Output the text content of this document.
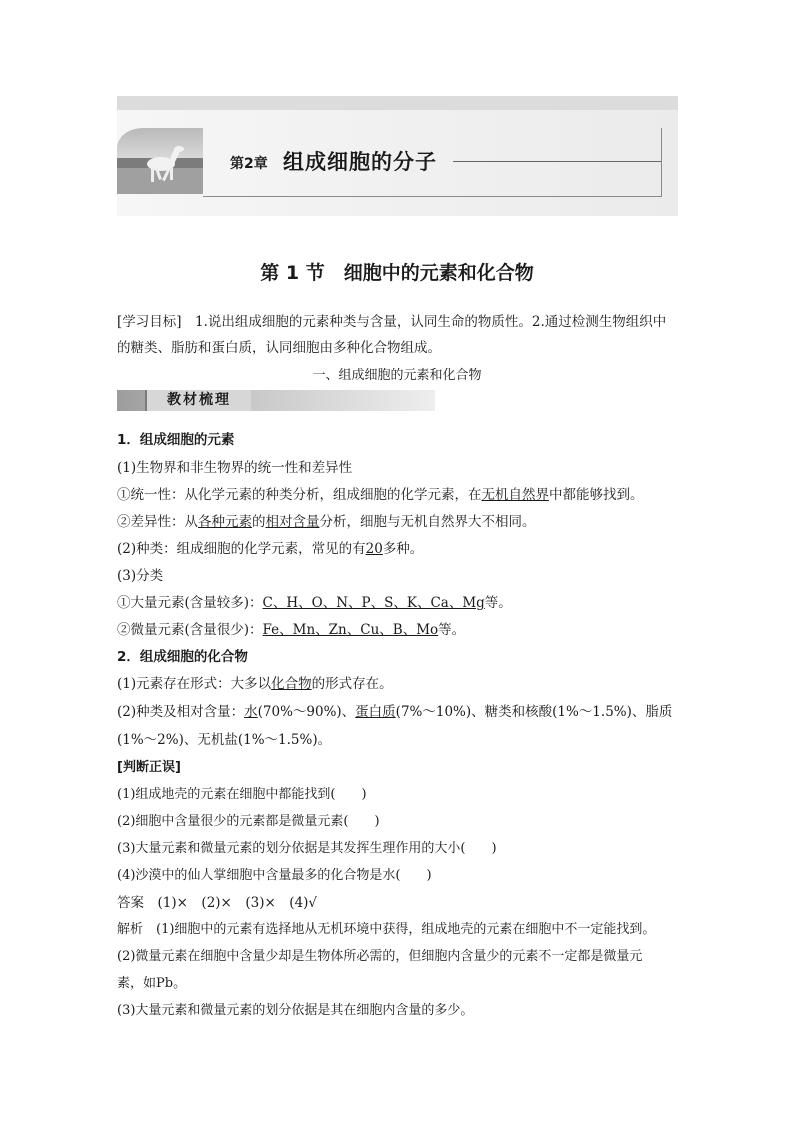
第2章 组成细胞的分子
第 1 节　细胞中的元素和化合物
[学习目标]　1.说出组成细胞的元素种类与含量，认同生命的物质性。2.通过检测生物组织中
的糖类、脂肪和蛋白质，认同细胞由多种化合物组成。
一、组成细胞的元素和化合物
教材梳理
1．组成细胞的元素
(1)生物界和非生物界的统一性和差异性
①统一性：从化学元素的种类分析，组成细胞的化学元素，在无机自然界中都能够找到。
②差异性：从各种元素的相对含量分析，细胞与无机自然界大不相同。
(2)种类：组成细胞的化学元素，常见的有20多种。
(3)分类
①大量元素(含量较多)：C、H、O、N、P、S、K、Ca、Mg等。
②微量元素(含量很少)：Fe、Mn、Zn、Cu、B、Mo等。
2．组成细胞的化合物
(1)元素存在形式：大多以化合物的形式存在。
(2)种类及相对含量：水(70%～90%)、蛋白质(7%～10%)、糖类和核酸(1%～1.5%)、脂质
(1%～2%)、无机盐(1%～1.5%)。
[判断正误]
(1)组成地壳的元素在细胞中都能找到(　　)
(2)细胞中含量很少的元素都是微量元素(　　)
(3)大量元素和微量元素的划分依据是其发挥生理作用的大小(　　)
(4)沙漠中的仙人掌细胞中含量最多的化合物是水(　　)
答案　(1)×　(2)×　(3)×　(4)√
解析　(1)细胞中的元素有选择地从无机环境中获得，组成地壳的元素在细胞中不一定能找到。
(2)微量元素在细胞中含量少却是生物体所必需的，但细胞内含量少的元素不一定都是微量元
素，如Pb。
(3)大量元素和微量元素的划分依据是其在细胞内含量的多少。
